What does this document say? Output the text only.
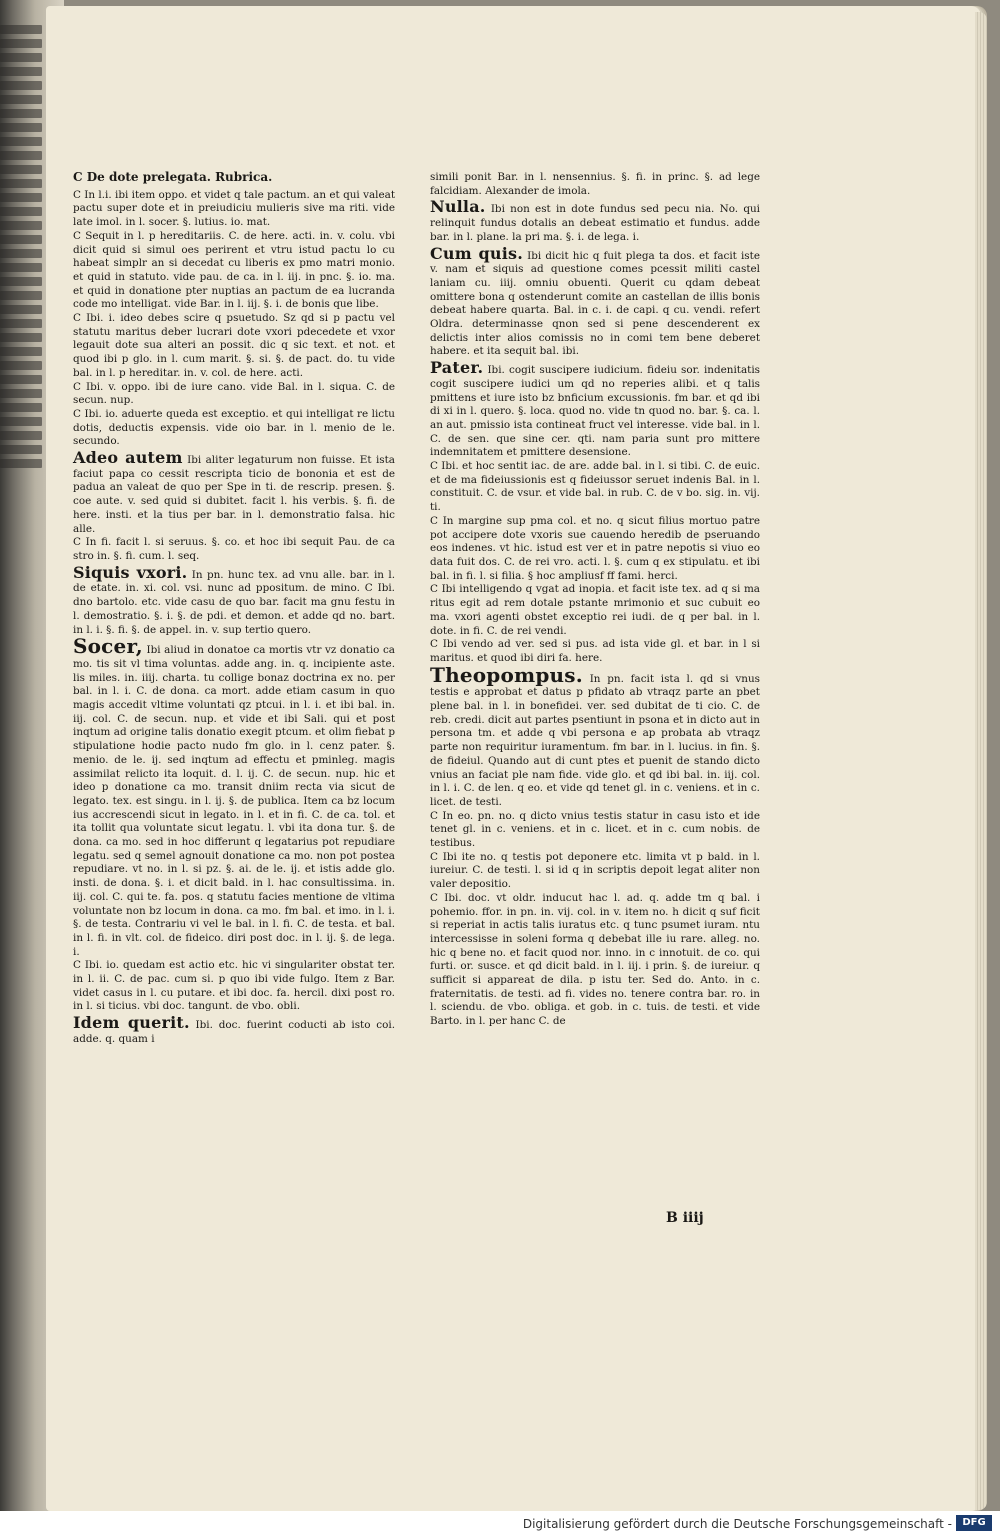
C De dote prelegata. Rubrica.
C In l.i. ibi item oppo. et videt q tale pactum. an et qui valeat pactu super dote et in preiudiciu mulieris sive ma riti. vide late imol. in l. socer. §. lutius. io. mat.
C Sequit in l. p hereditariis. C. de here. acti. in. v. colu. vbi dicit quid si simul oes perirent et vtru istud pactu lo cu habeat simplr an si decedat cu liberis ex pmo matri monio. et quid in statuto. vide pau. de ca. in l. iij. in pnc. §. io. ma. et quid in donatione pter nuptias an pactum de ea lucranda code mo intelligat. vide Bar. in l. iij. §. i. de bonis que libe.
C Ibi. i. ideo debes scire q psuetudo. Sz qd si p pactu vel statutu maritus deber lucrari dote vxori pdecedete et vxor legauit dote sua alteri an possit. dic q sic text. et not. et quod ibi p glo. in l. cum marit. §. si. §. de pact. do. tu vide bal. in l. p hereditar. in. v. col. de here. acti.
C Ibi. v. oppo. ibi de iure cano. vide Bal. in l. siqua. C. de secun. nup.
C Ibi. io. aduerte queda est exceptio. et qui intelligat re lictu dotis, deductis expensis. vide oio bar. in l. menio de le. secundo.
Adeo autem Ibi aliter legaturum non fuisse. Et ista faciut papa co cessit rescripta ticio de bononia et est de padua an valeat de quo per Spe in ti. de rescrip. presen. §. coe aute. v. sed quid si dubitet. facit l. his verbis. §. fi. de here. insti. et la tius per bar. in l. demonstratio falsa. hic alle.
C In fi. facit l. si seruus. §. co. et hoc ibi sequit Pau. de ca stro in. §. fi. cum. l. seq.
Siquis vxori. In pn. hunc tex. ad vnu alle. bar. in l. de etate. in. xi. col. vsi. nunc ad ppositum. de mino. C Ibi. dno bartolo. etc. vide casu de quo bar. facit ma gnu festu in l. demostratio. §. i. §. de pdi. et demon. et adde qd no. bart. in l. i. §. fi. §. de appel. in. v. sup tertio quero.
Socer, Ibi aliud in donatoe ca mortis vtr vz donatio ca mo. tis sit vl tima voluntas. adde ang. in. q. incipiente aste. lis miles. in. iiij. charta. tu collige bonaz doctrina ex no. per bal. in l. i. C. de dona. ca mort. adde etiam casum in quo magis accedit vltime voluntati qz ptcui. in l. i. et ibi bal. in. iij. col. C. de secun. nup. et vide et ibi Sali. qui et post inqtum ad origine talis donatio exegit ptcum. et olim fiebat p stipulatione hodie pacto nudo fm glo. in l. cenz pater. §. menio. de le. ij. sed inqtum ad effectu et pminleg. magis assimilat relicto ita loquit. d. l. ij. C. de secun. nup. hic et ideo p donatione ca mo. transit dniim recta via sicut de legato. tex. est singu. in l. ij. §. de publica. Item ca bz locum ius accrescendi sicut in legato. in l. et in fi. C. de ca. tol. et ita tollit qua voluntate sicut legatu. l. vbi ita dona tur. §. de dona. ca mo. sed in hoc differunt q legatarius pot repudiare legatu. sed q semel agnouit donatione ca mo. non pot postea repudiare. vt no. in l. si pz. §. ai. de le. ij. et istis adde glo. insti. de dona. §. i. et dicit bald. in l. hac consultissima. in. iij. col. C. qui te. fa. pos. q statutu facies mentione de vltima voluntate non bz locum in dona. ca mo. fm bal. et imo. in l. i. §. de testa. Contrariu vi vel le bal. in l. fi. C. de testa. et bal. in l. fi. in vlt. col. de fideico. diri post doc. in l. ij. §. de lega. i.
C Ibi. io. quedam est actio etc. hic vi singulariter obstat ter. in l. ii. C. de pac. cum si. p quo ibi vide fulgo. Item z Bar. videt casus in l. cu putare. et ibi doc. fa. hercil. dixi post ro. in l. si ticius. vbi doc. tangunt. de vbo. obli.
Idem querit. Ibi. doc. fuerint coducti ab isto coi. adde. q. quam i
simili ponit Bar. in l. nensennius. §. fi. in princ. §. ad lege falcidiam. Alexander de imola.
Nulla. Ibi non est in dote fundus sed pecu nia. No. qui relinquit fundus dotalis an debeat estimatio et fundus. adde bar. in l. plane. la pri ma. §. i. de lega. i.
Cum quis. Ibi dicit hic q fuit plega ta dos. et facit iste v. nam et siquis ad questione comes pcessit militi castel laniam cu. iiij. omniu obuenti. Querit cu qdam debeat omittere bona q ostenderunt comite an castellan de illis bonis debeat habere quarta. Bal. in c. i. de capi. q cu. vendi. refert Oldra. determinasse qnon sed si pene descenderent ex delictis inter alios comissis no in comi tem bene deberet habere. et ita sequit bal. ibi.
Pater. Ibi. cogit suscipere iudicium. fideiu sor. indenitatis cogit suscipere iudici um qd no reperies alibi. et q talis pmittens et iure isto bz bnficium excussionis. fm bar. et qd ibi di xi in l. quero. §. loca. quod no. vide tn quod no. bar. §. ca. l. an aut. pmissio ista contineat fruct vel interesse. vide bal. in l. C. de sen. que sine cer. qti. nam paria sunt pro mittere indemnitatem et pmittere desensione.
C Ibi. et hoc sentit iac. de are. adde bal. in l. si tibi. C. de euic. et de ma fideiussionis est q fideiussor seruet indenis Bal. in l. constituit. C. de vsur. et vide bal. in rub. C. de v bo. sig. in. vij. ti.
C In margine sup pma col. et no. q sicut filius mortuo patre pot accipere dote vxoris sue cauendo heredib de pseruando eos indenes. vt hic. istud est ver et in patre nepotis si viuo eo data fuit dos. C. de rei vro. acti. l. §. cum q ex stipulatu. et ibi bal. in fi. l. si filia. § hoc ampliusf ff fami. herci.
C Ibi intelligendo q vgat ad inopia. et facit iste tex. ad q si ma ritus egit ad rem dotale pstante mrimonio et suc cubuit eo ma. vxori agenti obstet exceptio rei iudi. de q per bal. in l. dote. in fi. C. de rei vendi.
C Ibi vendo ad ver. sed si pus. ad ista vide gl. et bar. in l si maritus. et quod ibi diri fa. here.
Theopompus. In pn. facit ista l. qd si vnus testis e approbat et datus p pfidato ab vtraqz parte an pbet plene bal. in l. in bonefidei. ver. sed dubitat de ti cio. C. de reb. credi. dicit aut partes psentiunt in psona et in dicto aut in persona tm. et adde q vbi persona e ap probata ab vtraqz parte non requiritur iuramentum. fm bar. in l. lucius. in fin. §. de fideiul. Quando aut di cunt ptes et puenit de stando dicto vnius an faciat ple nam fide. vide glo. et qd ibi bal. in. iij. col. in l. i. C. de len. q eo. et vide qd tenet gl. in c. veniens. et in c. licet. de testi.
C In eo. pn. no. q dicto vnius testis statur in casu isto et ide tenet gl. in c. veniens. et in c. licet. et in c. cum nobis. de testibus.
C Ibi ite no. q testis pot deponere etc. limita vt p bald. in l. iureiur. C. de testi. l. si id q in scriptis depoit legat aliter non valer depositio.
C Ibi. doc. vt oldr. inducut hac l. ad. q. adde tm q bal. i pohemio. ffor. in pn. in. vij. col. in v. item no. h dicit q suf ficit si reperiat in actis talis iuratus etc. q tunc psumet iuram. ntu intercessisse in soleni forma q debebat ille iu rare. alleg. no. hic q bene no. et facit quod nor. inno. in c innotuit. de co. qui furti. or. susce. et qd dicit bald. in l. iij. i prin. §. de iureiur. q sufficit si appareat de dila. p istu ter. Sed do. Anto. in c. fraternitatis. de testi. ad fi. vides no. tenere contra bar. ro. in l. sciendu. de vbo. obliga. et gob. in c. tuis. de testi. et vide Barto. in l. per hanc C. de
B iiij
Digitalisierung gefördert durch die Deutsche Forschungsgemeinschaft -	DFG
